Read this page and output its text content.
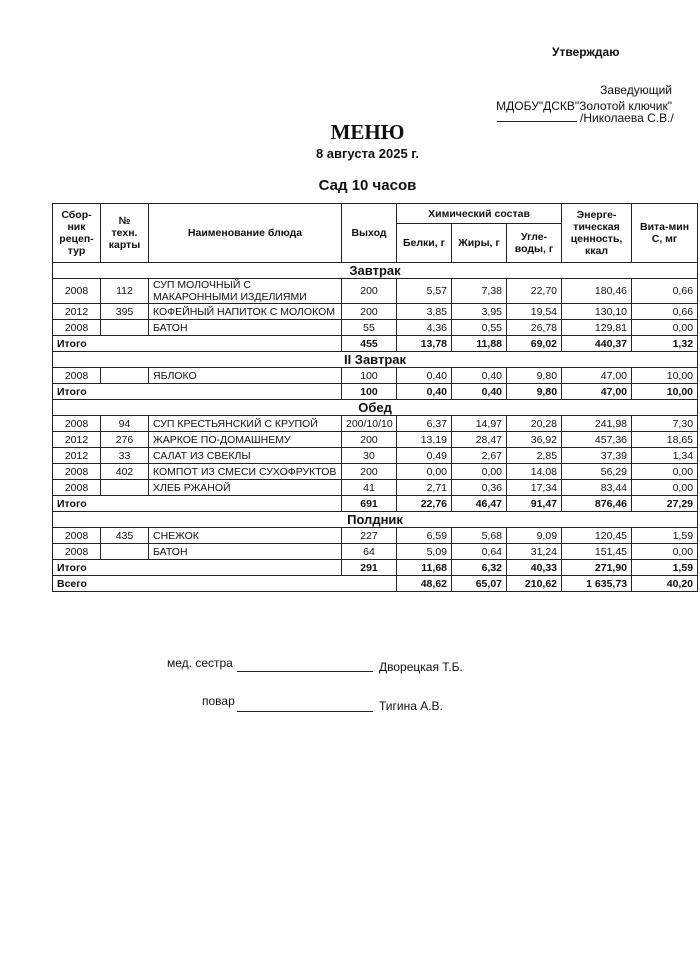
Утверждаю
Заведующий
МДОБУ"ДСКВ"Золотой ключик"
/Николаева С.В./
МЕНЮ
8 августа 2025 г.
Сад 10 часов
Сбор-ник рецеп-тур	№ техн. карты	Наименование блюда	Выход	Химический состав			Энерге-тическая ценность, ккал	Вита-мин С, мг
				Белки, г	Жиры, г	Угле-воды, г		
Завтрак								
2008	112	СУП МОЛОЧНЫЙ С МАКАРОННЫМИ ИЗДЕЛИЯМИ	200	5,57	7,38	22,70	180,46	0,66
2012	395	КОФЕЙНЫЙ НАПИТОК С МОЛОКОМ	200	3,85	3,95	19,54	130,10	0,66
2008		БАТОН	55	4,36	0,55	26,78	129,81	0,00
Итого			455	13,78	11,88	69,02	440,37	1,32
II Завтрак								
2008		ЯБЛОКО	100	0,40	0,40	9,80	47,00	10,00
Итого			100	0,40	0,40	9,80	47,00	10,00
Обед								
2008	94	СУП КРЕСТЬЯНСКИЙ С КРУПОЙ	200/10/10	6,37	14,97	20,28	241,98	7,30
2012	276	ЖАРКОЕ ПО-ДОМАШНЕМУ	200	13,19	28,47	36,92	457,36	18,65
2012	33	САЛАТ ИЗ СВЕКЛЫ	30	0,49	2,67	2,85	37,39	1,34
2008	402	КОМПОТ ИЗ СМЕСИ СУХОФРУКТОВ	200	0,00	0,00	14,08	56,29	0,00
2008		ХЛЕБ РЖАНОЙ	41	2,71	0,36	17,34	83,44	0,00
Итого			691	22,76	46,47	91,47	876,46	27,29
Полдник								
2008	435	СНЕЖОК	227	6,59	5,68	9,09	120,45	1,59
2008		БАТОН	64	5,09	0,64	31,24	151,45	0,00
Итого			291	11,68	6,32	40,33	271,90	1,59
Всего				48,62	65,07	210,62	1 635,73	40,20
мед. сестра	Дворецкая Т.Б.
повар	Тигина А.В.
